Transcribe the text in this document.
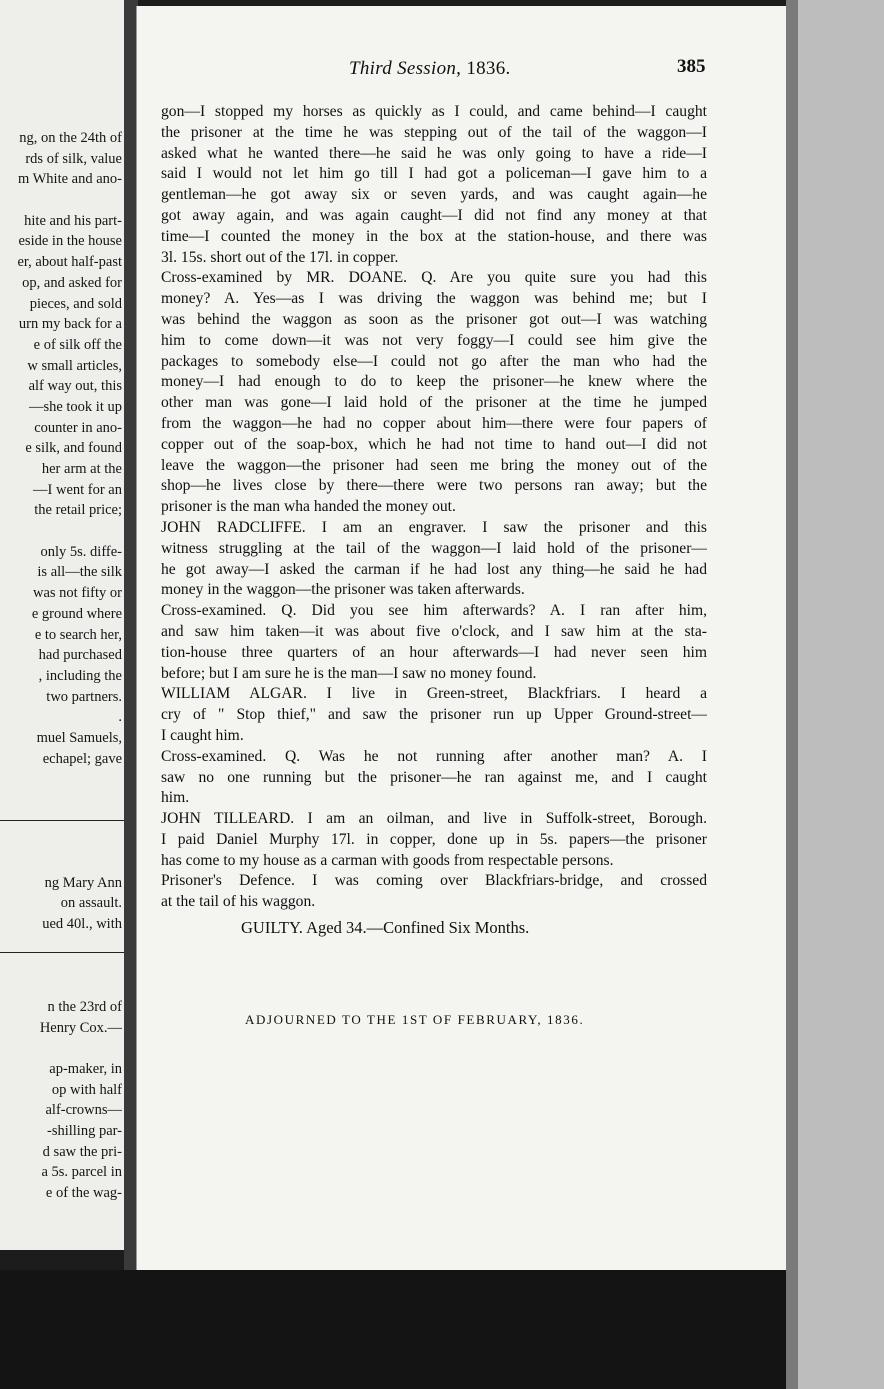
ng, on the 24th of
rds of silk, value
m White and ano-
hite and his part-
eside in the house
er, about half-past
op, and asked for
pieces, and sold
urn my back for a
e of silk off the
w small articles,
alf way out, this
—she took it up
counter in ano-
e silk, and found
her arm at the
—I went for an
the retail price;
only 5s. diffe-
is all—the silk
was not fifty or
e ground where
e to search her,
had purchased
, including the
two partners.
.
muel Samuels,
echapel; gave
ng Mary Ann
on assault.
ued 40l., with
n the 23rd of
Henry Cox.—
ap-maker, in
op with half
alf-crowns—
-shilling par-
d saw the pri-
a 5s. parcel in
e of the wag-
Third Session, 1836.	385
gon—I stopped my horses as quickly as I could, and came behind—I caught
the prisoner at the time he was stepping out of the tail of the waggon—I
asked what he wanted there—he said he was only going to have a ride—I
said I would not let him go till I had got a policeman—I gave him to a
gentleman—he got away six or seven yards, and was caught again—he
got away again, and was again caught—I did not find any money at that
time—I counted the money in the box at the station-house, and there was
3l. 15s. short out of the 17l. in copper.
Cross-examined by MR. DOANE. Q. Are you quite sure you had this
money? A. Yes—as I was driving the waggon was behind me; but I
was behind the waggon as soon as the prisoner got out—I was watching
him to come down—it was not very foggy—I could see him give the
packages to somebody else—I could not go after the man who had the
money—I had enough to do to keep the prisoner—he knew where the
other man was gone—I laid hold of the prisoner at the time he jumped
from the waggon—he had no copper about him—there were four papers of
copper out of the soap-box, which he had not time to hand out—I did not
leave the waggon—the prisoner had seen me bring the money out of the
shop—he lives close by there—there were two persons ran away; but the
prisoner is the man wha handed the money out.
JOHN RADCLIFFE. I am an engraver. I saw the prisoner and this
witness struggling at the tail of the waggon—I laid hold of the prisoner—
he got away—I asked the carman if he had lost any thing—he said he had
money in the waggon—the prisoner was taken afterwards.
Cross-examined. Q. Did you see him afterwards? A. I ran after him,
and saw him taken—it was about five o'clock, and I saw him at the sta-
tion-house three quarters of an hour afterwards—I had never seen him
before; but I am sure he is the man—I saw no money found.
WILLIAM ALGAR. I live in Green-street, Blackfriars. I heard a
cry of " Stop thief," and saw the prisoner run up Upper Ground-street—
I caught him.
Cross-examined. Q. Was he not running after another man? A. I
saw no one running but the prisoner—he ran against me, and I caught
him.
JOHN TILLEARD. I am an oilman, and live in Suffolk-street, Borough.
I paid Daniel Murphy 17l. in copper, done up in 5s. papers—the prisoner
has come to my house as a carman with goods from respectable persons.
Prisoner's Defence. I was coming over Blackfriars-bridge, and crossed
at the tail of his waggon.
GUILTY. Aged 34.—Confined Six Months.
ADJOURNED TO THE 1ST OF FEBRUARY, 1836.
